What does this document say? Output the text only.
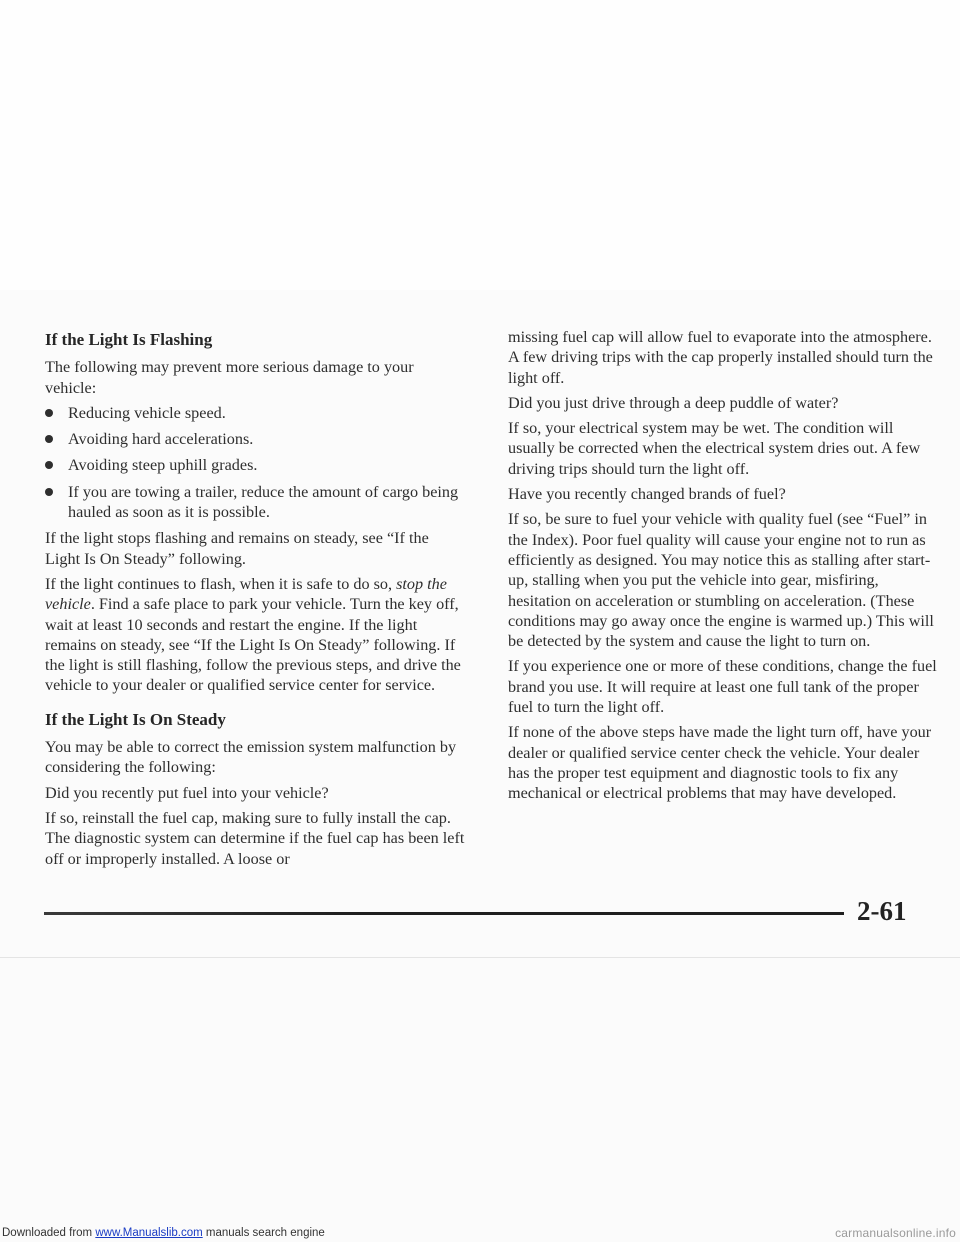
If the Light Is Flashing

The following may prevent more serious damage to your vehicle:

Reducing vehicle speed.
Avoiding hard accelerations.
Avoiding steep uphill grades.
If you are towing a trailer, reduce the amount of cargo being hauled as soon as it is possible.

If the light stops flashing and remains on steady, see “If the Light Is On Steady” following.

If the light continues to flash, when it is safe to do so, stop the vehicle. Find a safe place to park your vehicle. Turn the key off, wait at least 10 seconds and restart the engine. If the light remains on steady, see “If the Light Is On Steady” following. If the light is still flashing, follow the previous steps, and drive the vehicle to your dealer or qualified service center for service.

If the Light Is On Steady

You may be able to correct the emission system malfunction by considering the following:

Did you recently put fuel into your vehicle?

If so, reinstall the fuel cap, making sure to fully install the cap. The diagnostic system can determine if the fuel cap has been left off or improperly installed. A loose or

missing fuel cap will allow fuel to evaporate into the atmosphere. A few driving trips with the cap properly installed should turn the light off.

Did you just drive through a deep puddle of water?

If so, your electrical system may be wet. The condition will usually be corrected when the electrical system dries out. A few driving trips should turn the light off.

Have you recently changed brands of fuel?

If so, be sure to fuel your vehicle with quality fuel (see “Fuel” in the Index). Poor fuel quality will cause your engine not to run as efficiently as designed. You may notice this as stalling after start-up, stalling when you put the vehicle into gear, misfiring, hesitation on acceleration or stumbling on acceleration. (These conditions may go away once the engine is warmed up.) This will be detected by the system and cause the light to turn on.

If you experience one or more of these conditions, change the fuel brand you use. It will require at least one full tank of the proper fuel to turn the light off.

If none of the above steps have made the light turn off, have your dealer or qualified service center check the vehicle. Your dealer has the proper test equipment and diagnostic tools to fix any mechanical or electrical problems that may have developed.

2-61
Downloaded from www.Manualslib.com manuals search engine	carmanualsonline.info
